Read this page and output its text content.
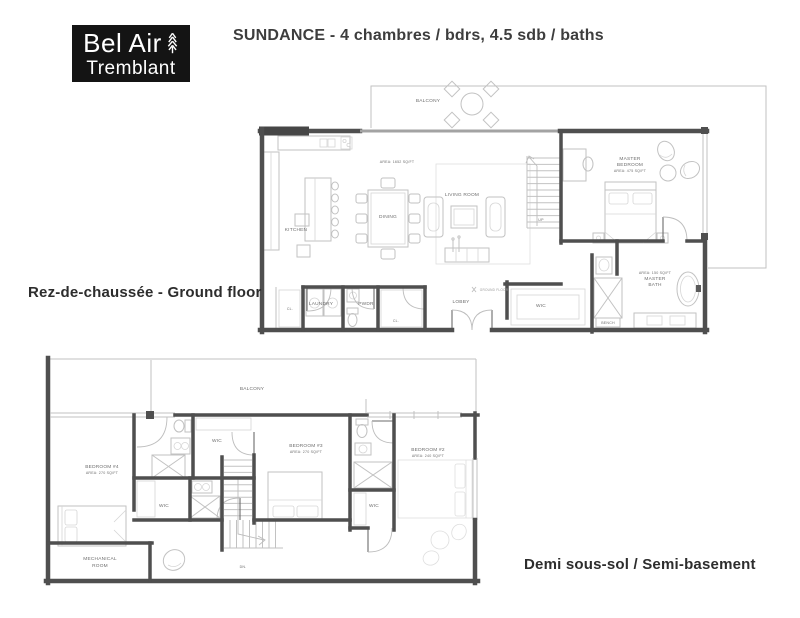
Bel Air
Tremblant
SUNDANCE - 4 chambres / bdrs, 4.5 sdb / baths
BALCONY
AREA: 1652 SQ/FT
KITCHEN
DINING
LIVING ROOM
UP
MASTER
BEDROOM
AREA: 475 SQ/FT
AREA: 150 SQ/FT
MASTER
BATH
BENCH
WIC
LOBBY
GROUND FLOOR
LAUNDRY	PWDR
CL.
CL.
BALCONY
BEDROOM #4
AREA: 270 SQ/FT
WIC
WIC
BEDROOM #3
AREA: 270 SQ/FT	BEDROOM #2
AREA: 240 SQ/FT
WIC
MECHANICAL
ROOM	DN.
Rez-de-chaussée - Ground floor
Demi sous-sol / Semi-basement
